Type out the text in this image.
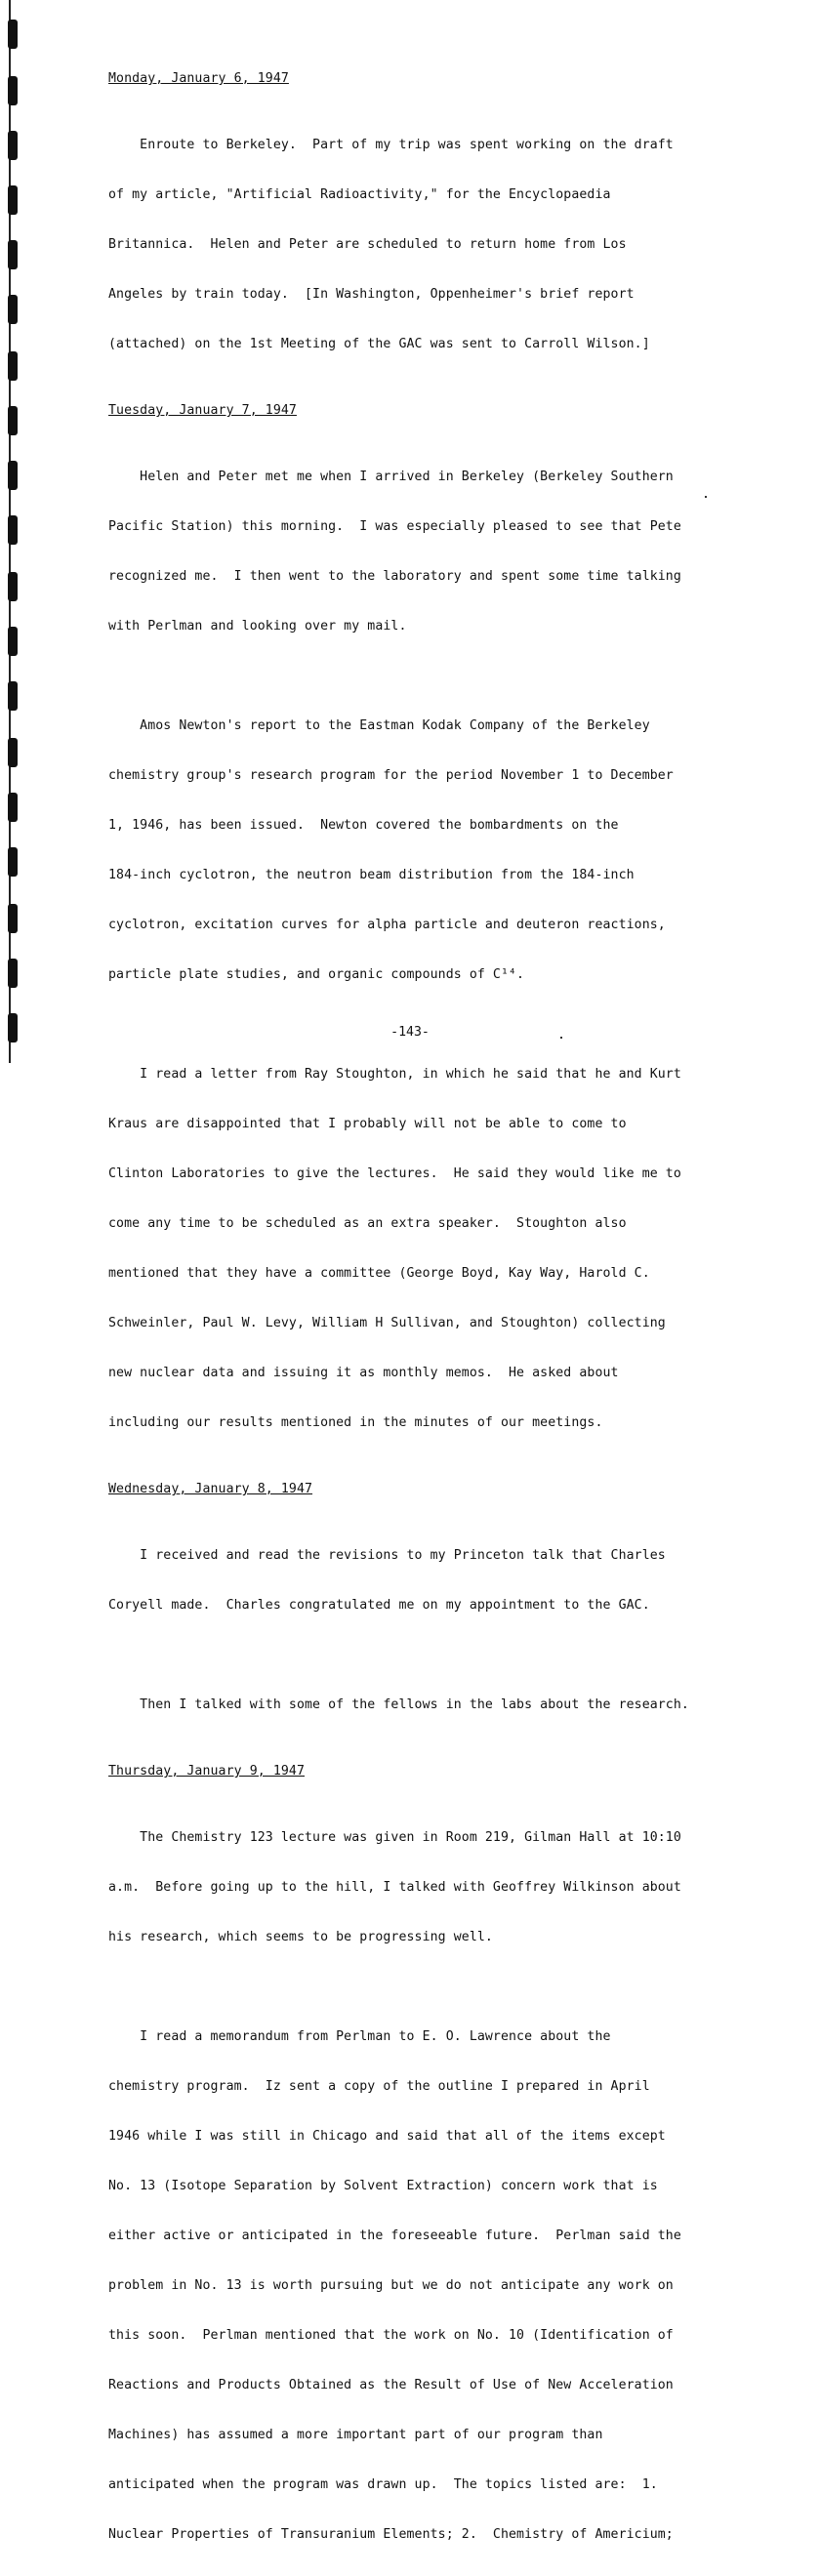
Monday, January 6, 1947

Enroute to Berkeley.  Part of my trip was spent working on the draft

of my article, "Artificial Radioactivity," for the Encyclopaedia

Britannica.  Helen and Peter are scheduled to return home from Los

Angeles by train today.  [In Washington, Oppenheimer's brief report

(attached) on the 1st Meeting of the GAC was sent to Carroll Wilson.]

Tuesday, January 7, 1947

Helen and Peter met me when I arrived in Berkeley (Berkeley Southern

Pacific Station) this morning.  I was especially pleased to see that Pete

recognized me.  I then went to the laboratory and spent some time talking

with Perlman and looking over my mail.

Amos Newton's report to the Eastman Kodak Company of the Berkeley

chemistry group's research program for the period November 1 to December

1, 1946, has been issued.  Newton covered the bombardments on the

184-inch cyclotron, the neutron beam distribution from the 184-inch

cyclotron, excitation curves for alpha particle and deuteron reactions,

particle plate studies, and organic compounds of C¹⁴.

I read a letter from Ray Stoughton, in which he said that he and Kurt

Kraus are disappointed that I probably will not be able to come to

Clinton Laboratories to give the lectures.  He said they would like me to

come any time to be scheduled as an extra speaker.  Stoughton also

mentioned that they have a committee (George Boyd, Kay Way, Harold C.

Schweinler, Paul W. Levy, William H Sullivan, and Stoughton) collecting

new nuclear data and issuing it as monthly memos.  He asked about

including our results mentioned in the minutes of our meetings.

Wednesday, January 8, 1947

I received and read the revisions to my Princeton talk that Charles

Coryell made.  Charles congratulated me on my appointment to the GAC.

Then I talked with some of the fellows in the labs about the research.

Thursday, January 9, 1947

The Chemistry 123 lecture was given in Room 219, Gilman Hall at 10:10

a.m.  Before going up to the hill, I talked with Geoffrey Wilkinson about

his research, which seems to be progressing well.

I read a memorandum from Perlman to E. O. Lawrence about the

chemistry program.  Iz sent a copy of the outline I prepared in April

1946 while I was still in Chicago and said that all of the items except

No. 13 (Isotope Separation by Solvent Extraction) concern work that is

either active or anticipated in the foreseeable future.  Perlman said the

problem in No. 13 is worth pursuing but we do not anticipate any work on

this soon.  Perlman mentioned that the work on No. 10 (Identification of

Reactions and Products Obtained as the Result of Use of New Acceleration

Machines) has assumed a more important part of our program than

anticipated when the program was drawn up.  The topics listed are:  1.

Nuclear Properties of Transuranium Elements; 2.  Chemistry of Americium;

-143-
